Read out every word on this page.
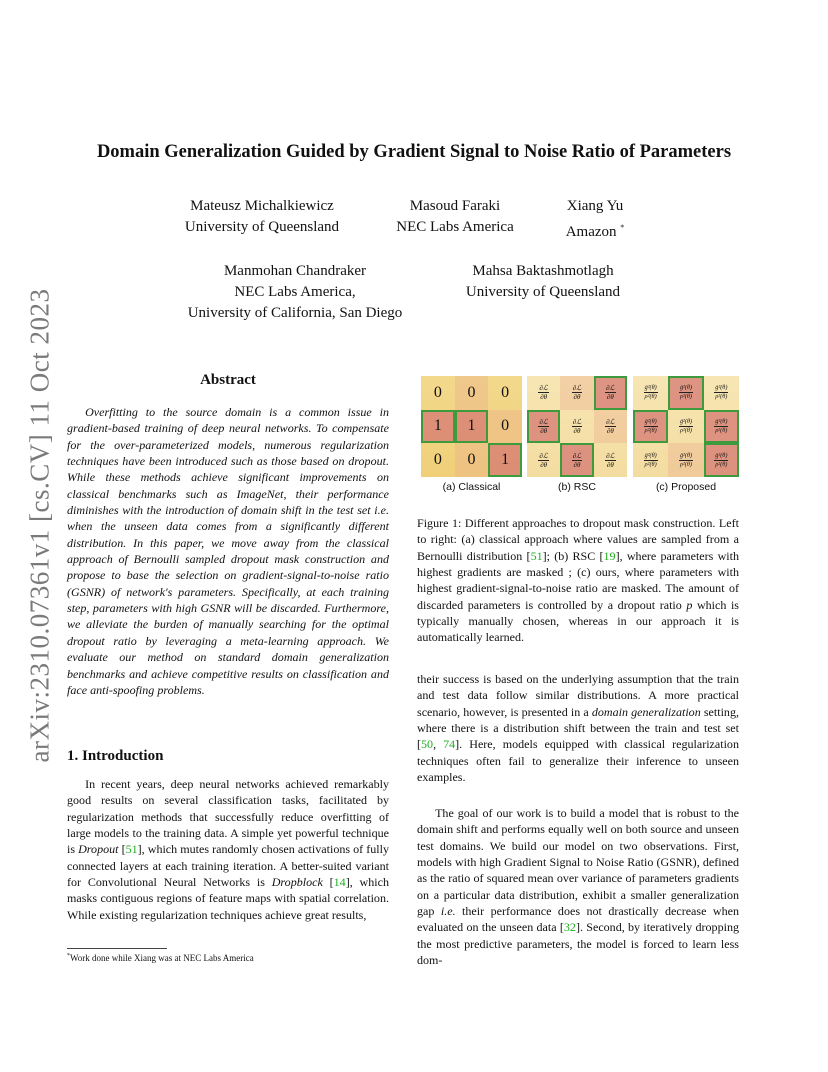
arXiv:2310.07361v1 [cs.CV] 11 Oct 2023
Domain Generalization Guided by Gradient Signal to Noise Ratio of Parameters
Mateusz Michalkiewicz
University of Queensland
Masoud Faraki
NEC Labs America
Xiang Yu
Amazon *
Manmohan Chandraker
NEC Labs America,
University of California, San Diego
Mahsa Baktashmotlagh
University of Queensland
Abstract
Overfitting to the source domain is a common issue in gradient-based training of deep neural networks. To compensate for the over-parameterized models, numerous regularization techniques have been introduced such as those based on dropout. While these methods achieve significant improvements on classical benchmarks such as ImageNet, their performance diminishes with the introduction of domain shift in the test set i.e. when the unseen data comes from a significantly different distribution. In this paper, we move away from the classical approach of Bernoulli sampled dropout mask construction and propose to base the selection on gradient-signal-to-noise ratio (GSNR) of network's parameters. Specifically, at each training step, parameters with high GSNR will be discarded. Furthermore, we alleviate the burden of manually searching for the optimal dropout ratio by leveraging a meta-learning approach. We evaluate our method on standard domain generalization benchmarks and achieve competitive results on classification and face anti-spoofing problems.
1. Introduction
In recent years, deep neural networks achieved remarkably good results on several classification tasks, facilitated by regularization methods that successfully reduce overfitting of large models to the training data. A simple yet powerful technique is Dropout [51], which mutes randomly chosen activations of fully connected layers at each training iteration. A better-suited variant for Convolutional Neural Networks is Dropblock [14], which masks contiguous regions of feature maps with spatial correlation. While existing regularization techniques achieve great results,
*Work done while Xiang was at NEC Labs America
0	0	0
1	1	0
0	0	1
$\frac{\text{∂ℒ}}{\partial\theta}$	$\frac{\text{∂ℒ}}{\partial\theta}$	$\frac{\text{∂ℒ}}{\partial\theta}$
$\frac{\text{∂ℒ}}{\partial\theta}$	$\frac{\text{∂ℒ}}{\partial\theta}$	$\frac{\text{∂ℒ}}{\partial\theta}$
$\frac{\text{∂ℒ}}{\partial\theta}$	$\frac{\text{∂ℒ}}{\partial\theta}$	$\frac{\text{∂ℒ}}{\partial\theta}$
$\frac{\text{ḡ²(θ)}}{\text{ρ²(θ)}}$	$\frac{\text{ḡ²(θ)}}{\text{ρ²(θ)}}$	$\frac{\text{ḡ²(θ)}}{\text{ρ²(θ)}}$
$\frac{\text{ḡ²(θ)}}{\text{ρ²(θ)}}$	$\frac{\text{ḡ²(θ)}}{\text{ρ²(θ)}}$	$\frac{\text{ḡ²(θ)}}{\text{ρ²(θ)}}$
$\frac{\text{ḡ²(θ)}}{\text{ρ²(θ)}}$	$\frac{\text{ḡ²(θ)}}{\text{ρ²(θ)}}$	$\frac{\text{ḡ²(θ)}}{\text{ρ²(θ)}}$
(a) Classical	(b) RSC	(c) Proposed
Figure 1: Different approaches to dropout mask construction. Left to right: (a) classical approach where values are sampled from a Bernoulli distribution [51]; (b) RSC [19], where parameters with highest gradients are masked ; (c) ours, where parameters with highest gradient-signal-to-noise ratio are masked. The amount of discarded parameters is controlled by a dropout ratio p which is typically manually chosen, whereas in our approach it is automatically learned.
their success is based on the underlying assumption that the train and test data follow similar distributions. A more practical scenario, however, is presented in a domain generalization setting, where there is a distribution shift between the train and test set [50, 74]. Here, models equipped with classical regularization techniques often fail to generalize their inference to unseen examples.
The goal of our work is to build a model that is robust to the domain shift and performs equally well on both source and unseen test domains. We build our model on two observations. First, models with high Gradient Signal to Noise Ratio (GSNR), defined as the ratio of squared mean over variance of parameters gradients on a particular data distribution, exhibit a smaller generalization gap i.e. their performance does not drastically decrease when evaluated on the unseen data [32]. Second, by iteratively dropping the most predictive parameters, the model is forced to learn less dom-
